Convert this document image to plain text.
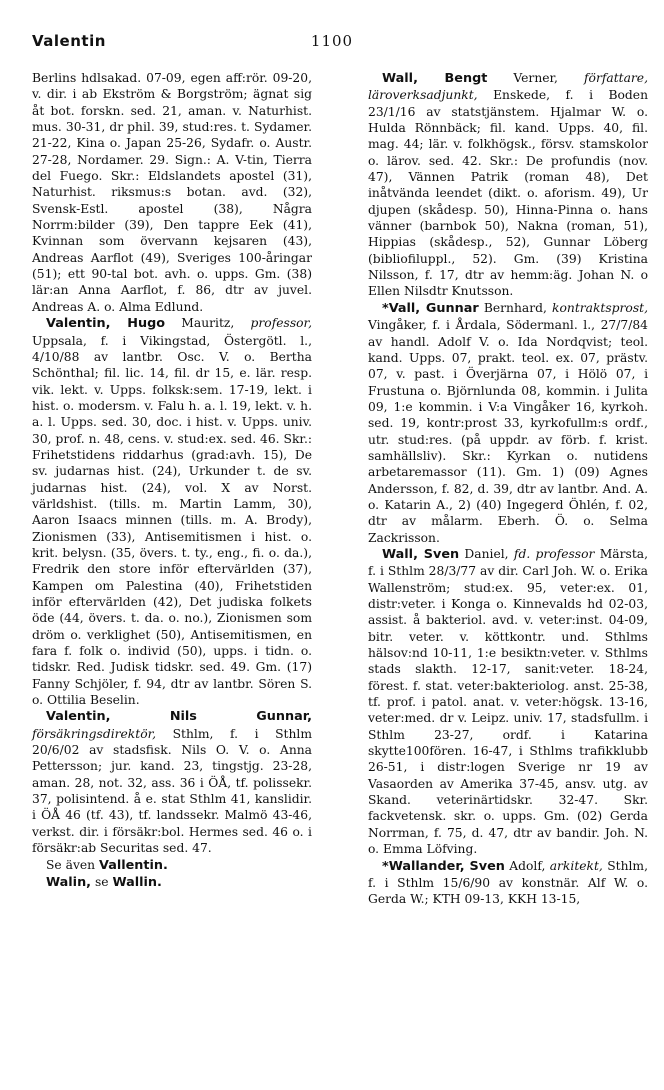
Valentin	1100

Berlins hdlsakad. 07-09, egen aff:rör. 09-20, v. dir. i ab Ekström & Borgström; ägnat sig åt bot. forskn. sed. 21, aman. v. Naturhist. mus. 30-31, dr phil. 39, stud:res. t. Sydamer. 21-22, Kina o. Japan 25-26, Sydafr. o. Austr. 27-28, Nordamer. 29. Sign.: A. V-tin, Tierra del Fuego. Skr.: Eldslandets apostel (31), Naturhist. riksmus:s botan. avd. (32), Svensk-Estl. apostel (38), Några Norrm:bilder (39), Den tappre Eek (41), Kvinnan som övervann kejsaren (43), Andreas Aarflot (49), Sveriges 100-åringar (51); ett 90-tal bot. avh. o. upps. Gm. (38) lär:an Anna Aarflot, f. 86, dtr av juvel. Andreas A. o. Alma Edlund.

Valentin, Hugo Mauritz, professor, Uppsala, f. i Vikingstad, Östergötl. l., 4/10/88 av lantbr. Osc. V. o. Bertha Schönthal; fil. lic. 14, fil. dr 15, e. lär. resp. vik. lekt. v. Upps. folksk:sem. 17-19, lekt. i hist. o. modersm. v. Falu h. a. l. 19, lekt. v. h. a. l. Upps. sed. 30, doc. i hist. v. Upps. univ. 30, prof. n. 48, cens. v. stud:ex. sed. 46. Skr.: Frihetstidens riddarhus (grad:avh. 15), De sv. judarnas hist. (24), Urkunder t. de sv. judarnas hist. (24), vol. X av Norst. världshist. (tills. m. Martin Lamm, 30), Aaron Isaacs minnen (tills. m. A. Brody), Zionismen (33), Antisemitismen i hist. o. krit. belysn. (35, övers. t. ty., eng., fi. o. da.), Fredrik den store inför eftervärlden (37), Kampen om Palestina (40), Frihetstiden inför eftervärlden (42), Det judiska folkets öde (44, övers. t. da. o. no.), Zionismen som dröm o. verklighet (50), Antisemitismen, en fara f. folk o. individ (50), upps. i tidn. o. tidskr. Red. Judisk tidskr. sed. 49. Gm. (17) Fanny Schjöler, f. 94, dtr av lantbr. Sören S. o. Ottilia Beselin.

Valentin, Nils Gunnar, försäkringsdirektör, Sthlm, f. i Sthlm 20/6/02 av stadsfisk. Nils O. V. o. Anna Pettersson; jur. kand. 23, tingstjg. 23-28, aman. 28, not. 32, ass. 36 i ÖÅ, tf. polissekr. 37, polisintend. å e. stat Sthlm 41, kanslidir. i ÖÅ 46 (tf. 43), tf. landssekr. Malmö 43-46, verkst. dir. i försäkr:bol. Hermes sed. 46 o. i försäkr:ab Securitas sed. 47.

Se även Vallentin.

Walin, se Wallin.

Wall, Bengt Verner, författare, läroverksadjunkt, Enskede, f. i Boden 23/1/16 av statstjänstem. Hjalmar W. o. Hulda Rönnbäck; fil. kand. Upps. 40, fil. mag. 44; lär. v. folkhögsk., försv. stamskolor o. lärov. sed. 42. Skr.: De profundis (nov. 47), Vännen Patrik (roman 48), Det inåtvända leendet (dikt. o. aforism. 49), Ur djupen (skådesp. 50), Hinna-Pinna o. hans vänner (barnbok 50), Nakna (roman, 51), Hippias (skådesp., 52), Gunnar Löberg (bibliofiluppl., 52). Gm. (39) Kristina Nilsson, f. 17, dtr av hemm:äg. Johan N. o Ellen Nilsdtr Knutsson.

*Vall, Gunnar Bernhard, kontraktsprost, Vingåker, f. i Årdala, Södermanl. l., 27/7/84 av handl. Adolf V. o. Ida Nordqvist; teol. kand. Upps. 07, prakt. teol. ex. 07, prästv. 07, v. past. i Överjärna 07, i Hölö 07, i Frustuna o. Björnlunda 08, kommin. i Julita 09, 1:e kommin. i V:a Vingåker 16, kyrkoh. sed. 19, kontr:prost 33, kyrkofullm:s ordf., utr. stud:res. (på uppdr. av förb. f. krist. samhällsliv). Skr.: Kyrkan o. nutidens arbetaremassor (11). Gm. 1) (09) Agnes Andersson, f. 82, d. 39, dtr av lantbr. And. A. o. Katarin A., 2) (40) Ingegerd Öhlén, f. 02, dtr av målarm. Eberh. Ö. o. Selma Zackrisson.

Wall, Sven Daniel, fd. professor Märsta, f. i Sthlm 28/3/77 av dir. Carl Joh. W. o. Erika Wallenström; stud:ex. 95, veter:ex. 01, distr:veter. i Konga o. Kinnevalds hd 02-03, assist. å bakteriol. avd. v. veter:inst. 04-09, bitr. veter. v. köttkontr. und. Sthlms hälsov:nd 10-11, 1:e besiktn:veter. v. Sthlms stads slakth. 12-17, sanit:veter. 18-24, förest. f. stat. veter:bakteriolog. anst. 25-38, tf. prof. i patol. anat. v. veter:högsk. 13-16, veter:med. dr v. Leipz. univ. 17, stadsfullm. i Sthlm 23-27, ordf. i Katarina skytte100fören. 16-47, i Sthlms trafikklubb 26-51, i distr:logen Sverige nr 19 av Vasaorden av Amerika 37-45, ansv. utg. av Skand. veterinärtidskr. 32-47. Skr. fackvetensk. skr. o. upps. Gm. (02) Gerda Norrman, f. 75, d. 47, dtr av bandir. Joh. N. o. Emma Löfving.

*Wallander, Sven Adolf, arkitekt, Sthlm, f. i Sthlm 15/6/90 av konstnär. Alf W. o. Gerda W.; KTH 09-13, KKH 13-15,
